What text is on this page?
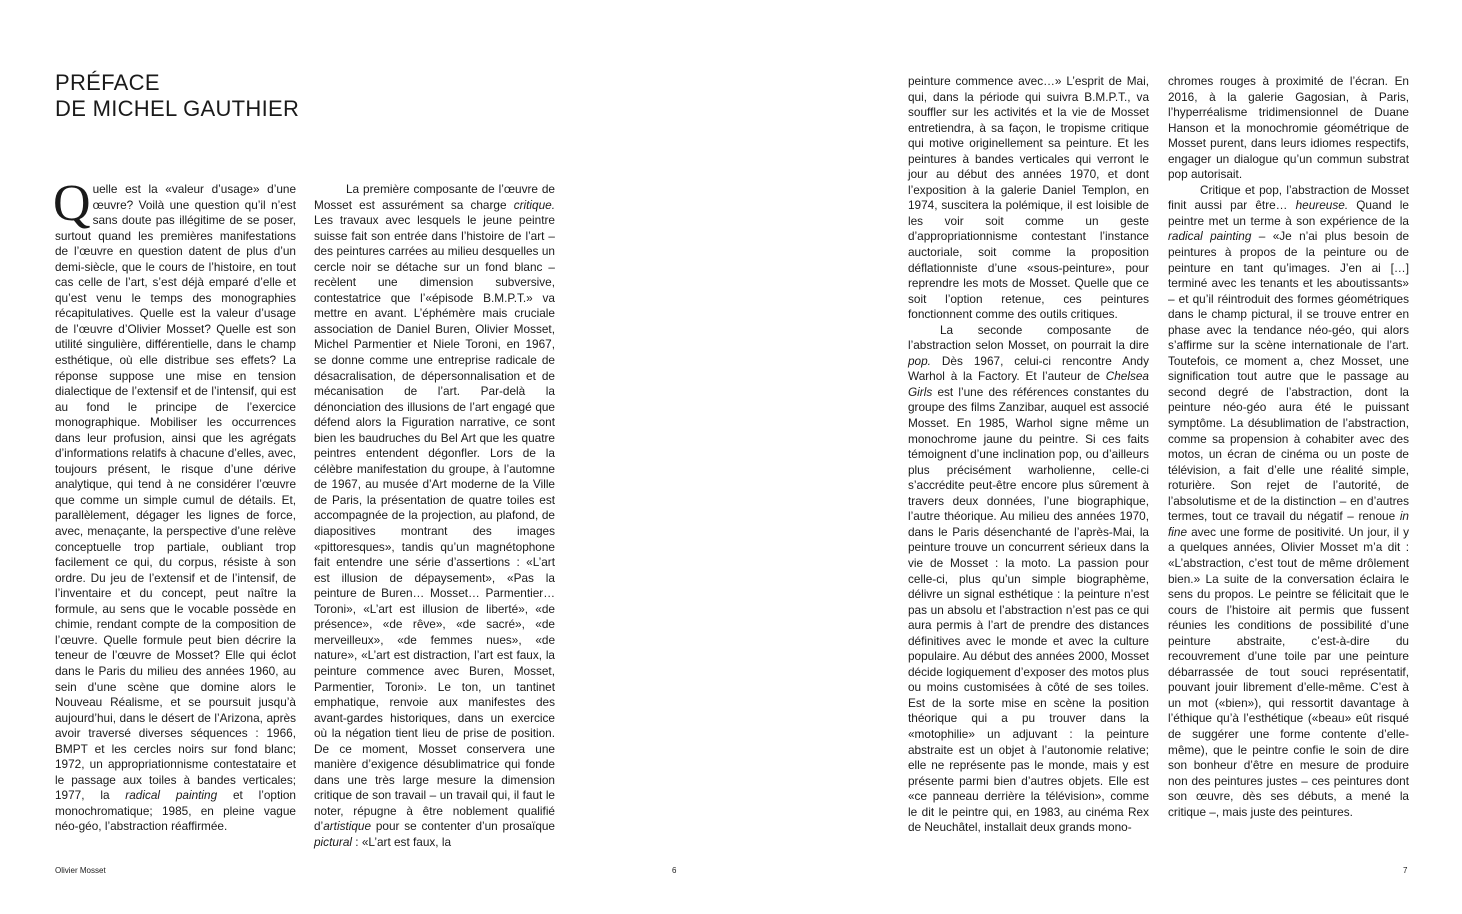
PRÉFACE
DE MICHEL GAUTHIER

Quelle est la «valeur d’usage» d’une œuvre? Voilà une question qu’il n’est sans doute pas illégitime de se poser, surtout quand les premières manifestations de l’œuvre en question datent de plus d’un demi-siècle, que le cours de l’histoire, en tout cas celle de l’art, s’est déjà emparé d’elle et qu’est venu le temps des monographies récapitulatives. Quelle est la valeur d’usage de l’œuvre d’Olivier Mosset? Quelle est son utilité singulière, différentielle, dans le champ esthétique, où elle distribue ses effets? La réponse suppose une mise en tension dialectique de l’extensif et de l’intensif, qui est au fond le principe de l’exercice monographique. Mobiliser les occurrences dans leur profusion, ainsi que les agrégats d’informations relatifs à chacune d’elles, avec, toujours présent, le risque d’une dérive analytique, qui tend à ne considérer l’œuvre que comme un simple cumul de détails. Et, parallèlement, dégager les lignes de force, avec, menaçante, la perspective d’une relève conceptuelle trop partiale, oubliant trop facilement ce qui, du corpus, résiste à son ordre. Du jeu de l’extensif et de l’intensif, de l’inventaire et du concept, peut naître la formule, au sens que le vocable possède en chimie, rendant compte de la composition de l’œuvre. Quelle formule peut bien décrire la teneur de l’œuvre de Mosset? Elle qui éclot dans le Paris du milieu des années 1960, au sein d’une scène que domine alors le Nouveau Réalisme, et se poursuit jusqu’à aujourd’hui, dans le désert de l’Arizona, après avoir traversé diverses séquences : 1966, BMPT et les cercles noirs sur fond blanc; 1972, un appropriationnisme contestataire et le passage aux toiles à bandes verticales; 1977, la radical painting et l’option monochromatique; 1985, en pleine vague néo-géo, l’abstraction réaffirmée.

La première composante de l’œuvre de Mosset est assurément sa charge critique. Les travaux avec lesquels le jeune peintre suisse fait son entrée dans l’histoire de l’art – des peintures carrées au milieu desquelles un cercle noir se détache sur un fond blanc – recèlent une dimension subversive, contestatrice que l’«épisode B.M.P.T.» va mettre en avant. L’éphémère mais cruciale association de Daniel Buren, Olivier Mosset, Michel Parmentier et Niele Toroni, en 1967, se donne comme une entreprise radicale de désacralisation, de dépersonnalisation et de mécanisation de l’art. Par-delà la dénonciation des illusions de l’art engagé que défend alors la Figuration narrative, ce sont bien les baudruches du Bel Art que les quatre peintres entendent dégonfler. Lors de la célèbre manifestation du groupe, à l’automne de 1967, au musée d’Art moderne de la Ville de Paris, la présentation de quatre toiles est accompagnée de la projection, au plafond, de diapositives montrant des images «pittoresques», tandis qu’un magnétophone fait entendre une série d’assertions : «L’art est illusion de dépaysement», «Pas la peinture de Buren… Mosset… Parmentier… Toroni», «L’art est illusion de liberté», «de présence», «de rêve», «de sacré», «de merveilleux», «de femmes nues», «de nature», «L’art est distraction, l’art est faux, la peinture commence avec Buren, Mosset, Parmentier, Toroni». Le ton, un tantinet emphatique, renvoie aux manifestes des avant-gardes historiques, dans un exercice où la négation tient lieu de prise de position. De ce moment, Mosset conservera une manière d’exigence désublimatrice qui fonde dans une très large mesure la dimension critique de son travail – un travail qui, il faut le noter, répugne à être noblement qualifié d’artistique pour se contenter d’un prosaïque pictural : «L’art est faux, la

peinture commence avec…» L’esprit de Mai, qui, dans la période qui suivra B.M.P.T., va souffler sur les activités et la vie de Mosset entretiendra, à sa façon, le tropisme critique qui motive originellement sa peinture. Et les peintures à bandes verticales qui verront le jour au début des années 1970, et dont l’exposition à la galerie Daniel Templon, en 1974, suscitera la polémique, il est loisible de les voir soit comme un geste d’appropriationnisme contestant l’instance auctoriale, soit comme la proposition déflationniste d’une «sous-peinture», pour reprendre les mots de Mosset. Quelle que ce soit l’option retenue, ces peintures fonctionnent comme des outils critiques.

La seconde composante de l’abstraction selon Mosset, on pourrait la dire pop. Dès 1967, celui-ci rencontre Andy Warhol à la Factory. Et l’auteur de Chelsea Girls est l’une des références constantes du groupe des films Zanzibar, auquel est associé Mosset. En 1985, Warhol signe même un monochrome jaune du peintre. Si ces faits témoignent d’une inclination pop, ou d’ailleurs plus précisément warholienne, celle-ci s’accrédite peut-être encore plus sûrement à travers deux données, l’une biographique, l’autre théorique. Au milieu des années 1970, dans le Paris désenchanté de l’après-Mai, la peinture trouve un concurrent sérieux dans la vie de Mosset : la moto. La passion pour celle-ci, plus qu’un simple biographème, délivre un signal esthétique : la peinture n’est pas un absolu et l’abstraction n’est pas ce qui aura permis à l’art de prendre des distances définitives avec le monde et avec la culture populaire. Au début des années 2000, Mosset décide logiquement d’exposer des motos plus ou moins customisées à côté de ses toiles. Est de la sorte mise en scène la position théorique qui a pu trouver dans la «motophilie» un adjuvant : la peinture abstraite est un objet à l’autonomie relative; elle ne représente pas le monde, mais y est présente parmi bien d’autres objets. Elle est «ce panneau derrière la télévision», comme le dit le peintre qui, en 1983, au cinéma Rex de Neuchâtel, installait deux grands mono-

chromes rouges à proximité de l’écran. En 2016, à la galerie Gagosian, à Paris, l’hyperréalisme tridimensionnel de Duane Hanson et la monochromie géométrique de Mosset purent, dans leurs idiomes respectifs, engager un dialogue qu’un commun substrat pop autorisait.

Critique et pop, l’abstraction de Mosset finit aussi par être… heureuse. Quand le peintre met un terme à son expérience de la radical painting – «Je n’ai plus besoin de peintures à propos de la peinture ou de peinture en tant qu’images. J’en ai […] terminé avec les tenants et les aboutissants» – et qu’il réintroduit des formes géométriques dans le champ pictural, il se trouve entrer en phase avec la tendance néo-géo, qui alors s’affirme sur la scène internationale de l’art. Toutefois, ce moment a, chez Mosset, une signification tout autre que le passage au second degré de l’abstraction, dont la peinture néo-géo aura été le puissant symptôme. La désublimation de l’abstraction, comme sa propension à cohabiter avec des motos, un écran de cinéma ou un poste de télévision, a fait d’elle une réalité simple, roturière. Son rejet de l’autorité, de l’absolutisme et de la distinction – en d’autres termes, tout ce travail du négatif – renoue in fine avec une forme de positivité. Un jour, il y a quelques années, Olivier Mosset m’a dit : «L’abstraction, c’est tout de même drôlement bien.» La suite de la conversation éclaira le sens du propos. Le peintre se félicitait que le cours de l’histoire ait permis que fussent réunies les conditions de possibilité d’une peinture abstraite, c’est-à-dire du recouvrement d’une toile par une peinture débarrassée de tout souci représentatif, pouvant jouir librement d’elle-même. C’est à un mot («bien»), qui ressortit davantage à l’éthique qu’à l’esthétique («beau» eût risqué de suggérer une forme contente d’elle-même), que le peintre confie le soin de dire son bonheur d’être en mesure de produire non des peintures justes – ces peintures dont son œuvre, dès ses débuts, a mené la critique –, mais juste des peintures.

Olivier Mosset	6	7
